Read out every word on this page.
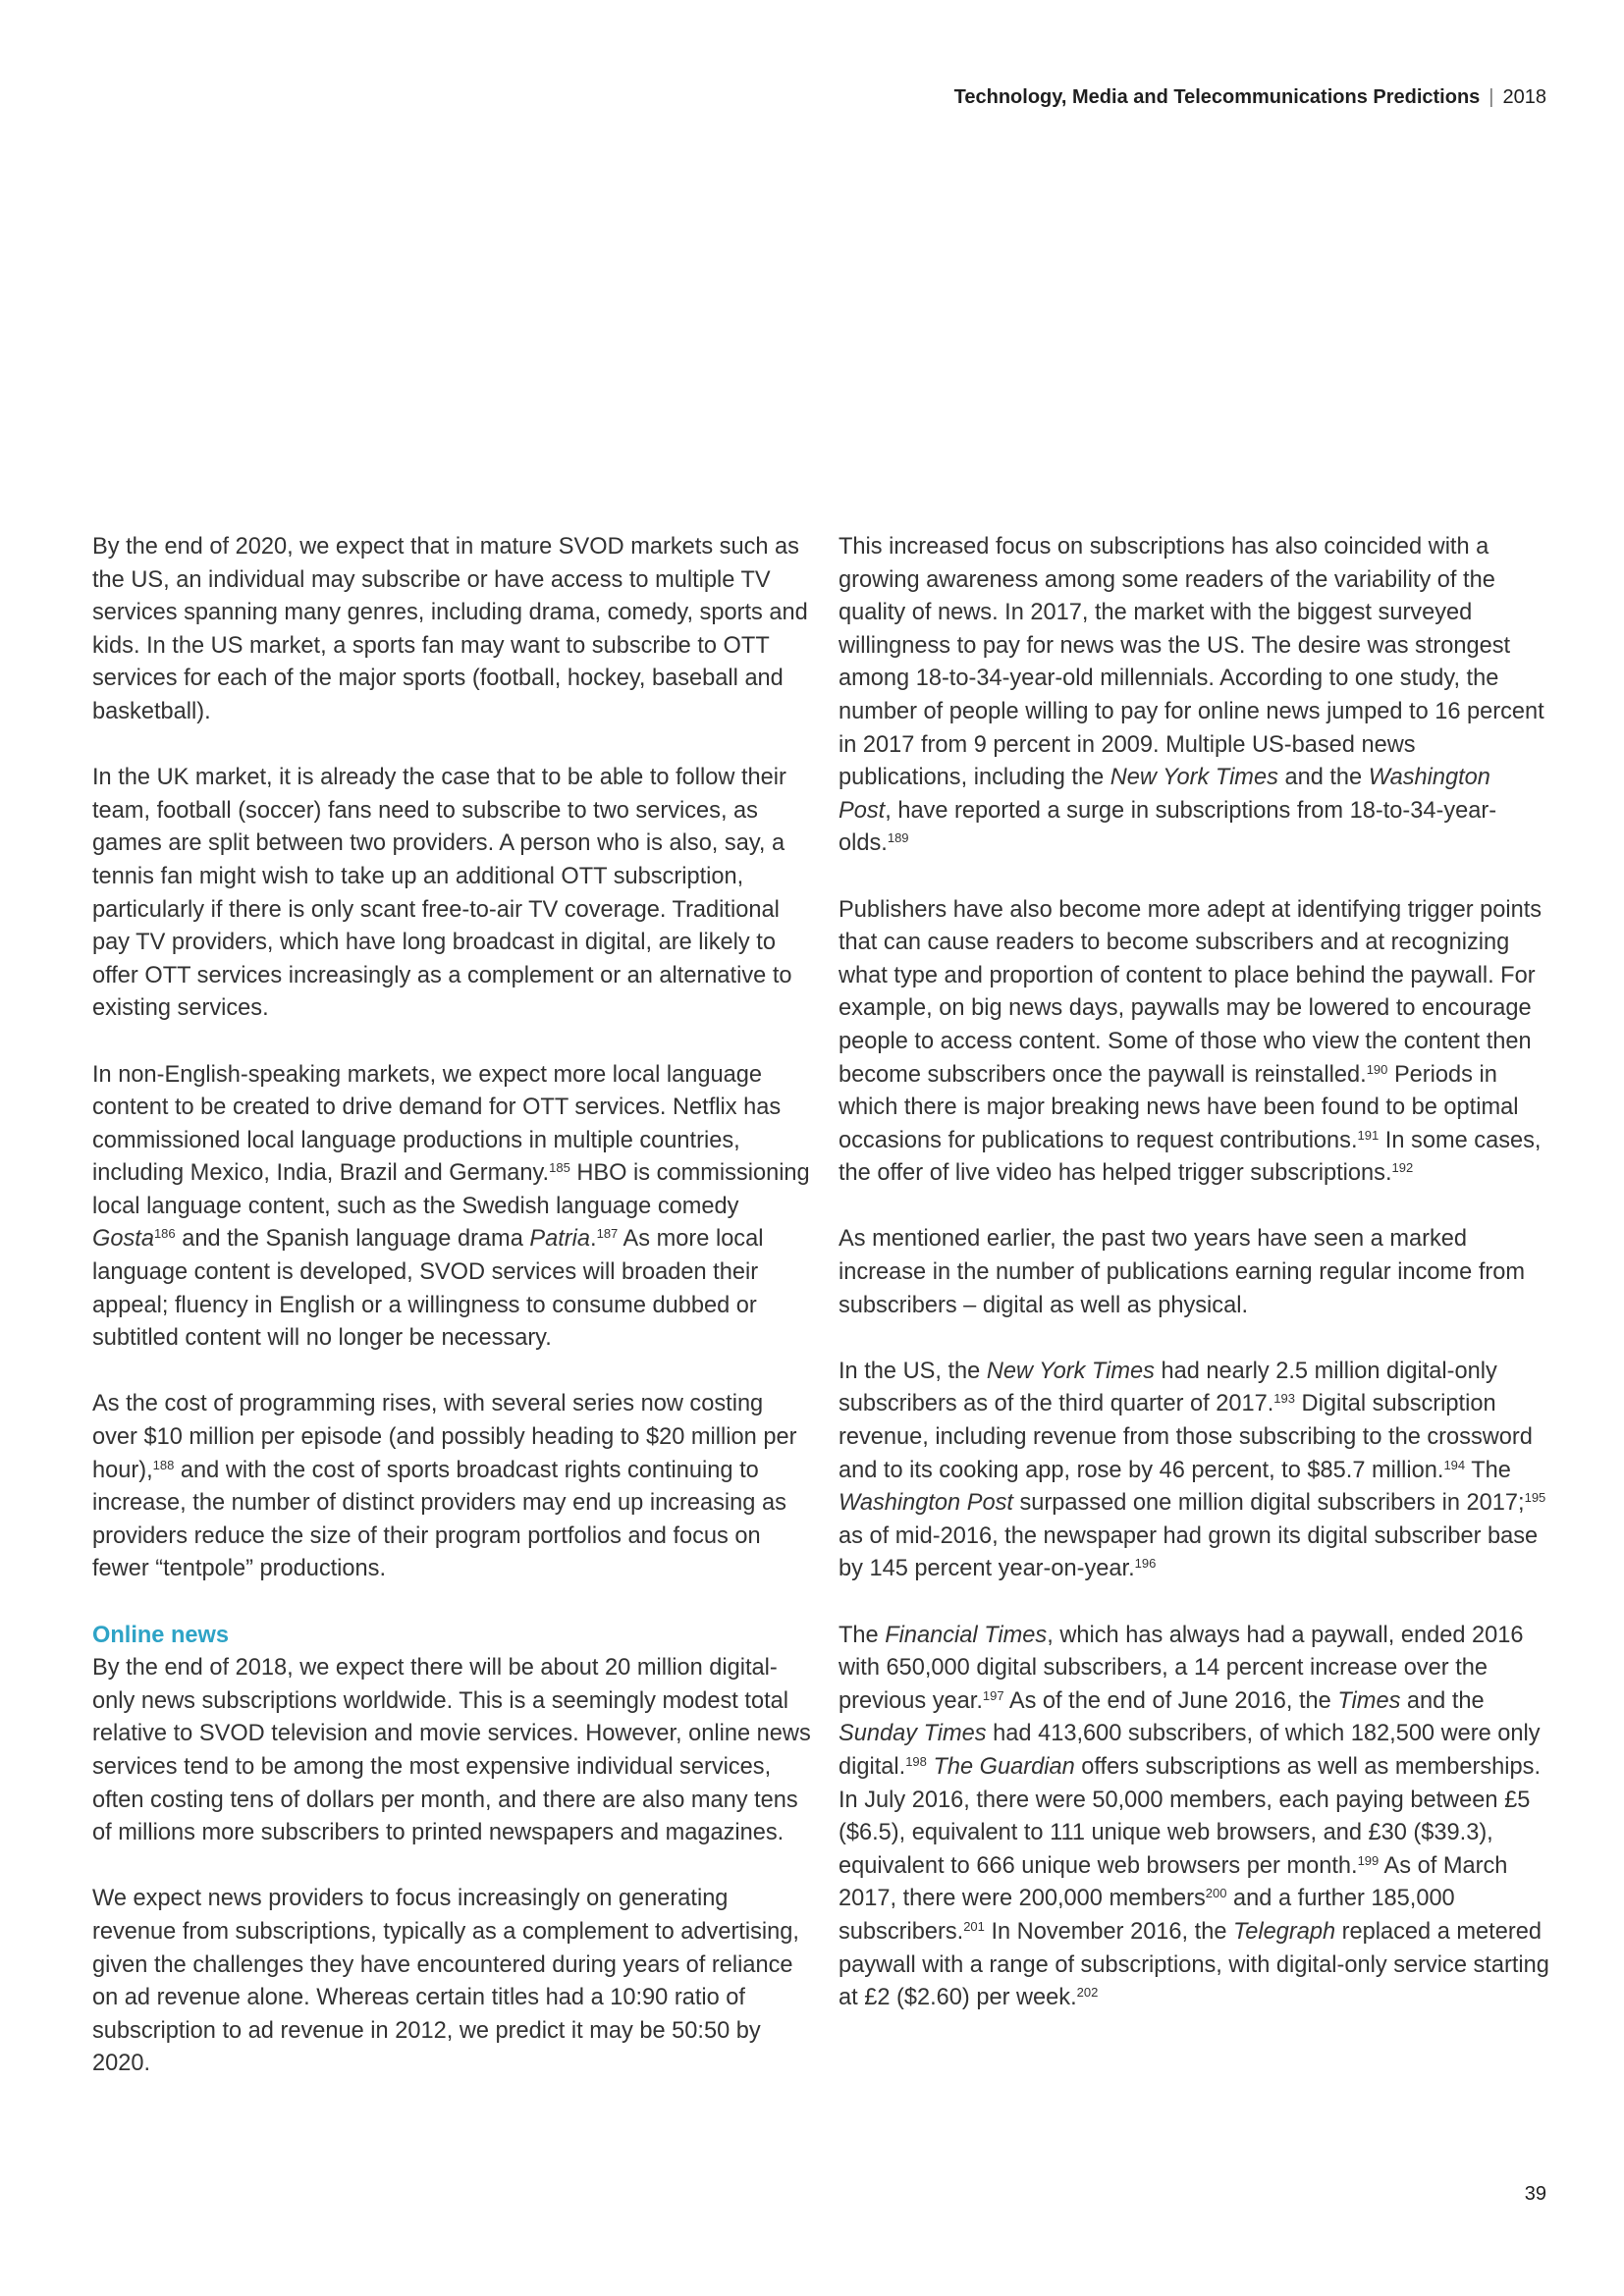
Technology, Media and Telecommunications Predictions | 2018

By the end of 2020, we expect that in mature SVOD markets such as the US, an individual may subscribe or have access to multiple TV services spanning many genres, including drama, comedy, sports and kids. In the US market, a sports fan may want to subscribe to OTT services for each of the major sports (football, hockey, baseball and basketball).

In the UK market, it is already the case that to be able to follow their team, football (soccer) fans need to subscribe to two services, as games are split between two providers. A person who is also, say, a tennis fan might wish to take up an additional OTT subscription, particularly if there is only scant free-to-air TV coverage. Traditional pay TV providers, which have long broadcast in digital, are likely to offer OTT services increasingly as a complement or an alternative to existing services.

In non-English-speaking markets, we expect more local language content to be created to drive demand for OTT services. Netflix has commissioned local language productions in multiple countries, including Mexico, India, Brazil and Germany.$^{185}$ HBO is commissioning local language content, such as the Swedish language comedy Gosta$^{186}$ and the Spanish language drama Patria.$^{187}$ As more local language content is developed, SVOD services will broaden their appeal; fluency in English or a willingness to consume dubbed or subtitled content will no longer be necessary.

As the cost of programming rises, with several series now costing over $10 million per episode (and possibly heading to $20 million per hour),$^{188}$ and with the cost of sports broadcast rights continuing to increase, the number of distinct providers may end up increasing as providers reduce the size of their program portfolios and focus on fewer “tentpole” productions.

Online news

By the end of 2018, we expect there will be about 20 million digital-only news subscriptions worldwide. This is a seemingly modest total relative to SVOD television and movie services. However, online news services tend to be among the most expensive individual services, often costing tens of dollars per month, and there are also many tens of millions more subscribers to printed newspapers and magazines.

We expect news providers to focus increasingly on generating revenue from subscriptions, typically as a complement to advertising, given the challenges they have encountered during years of reliance on ad revenue alone. Whereas certain titles had a 10:90 ratio of subscription to ad revenue in 2012, we predict it may be 50:50 by 2020.

This increased focus on subscriptions has also coincided with a growing awareness among some readers of the variability of the quality of news. In 2017, the market with the biggest surveyed willingness to pay for news was the US. The desire was strongest among 18-to-34-year-old millennials. According to one study, the number of people willing to pay for online news jumped to 16 percent in 2017 from 9 percent in 2009. Multiple US-based news publications, including the New York Times and the Washington Post, have reported a surge in subscriptions from 18-to-34-year-olds.$^{189}$

Publishers have also become more adept at identifying trigger points that can cause readers to become subscribers and at recognizing what type and proportion of content to place behind the paywall. For example, on big news days, paywalls may be lowered to encourage people to access content. Some of those who view the content then become subscribers once the paywall is reinstalled.$^{190}$ Periods in which there is major breaking news have been found to be optimal occasions for publications to request contributions.$^{191}$ In some cases, the offer of live video has helped trigger subscriptions.$^{192}$

As mentioned earlier, the past two years have seen a marked increase in the number of publications earning regular income from subscribers – digital as well as physical.

In the US, the New York Times had nearly 2.5 million digital-only subscribers as of the third quarter of 2017.$^{193}$ Digital subscription revenue, including revenue from those subscribing to the crossword and to its cooking app, rose by 46 percent, to $85.7 million.$^{194}$ The Washington Post surpassed one million digital subscribers in 2017;$^{195}$ as of mid-2016, the newspaper had grown its digital subscriber base by 145 percent year-on-year.$^{196}$

The Financial Times, which has always had a paywall, ended 2016 with 650,000 digital subscribers, a 14 percent increase over the previous year.$^{197}$ As of the end of June 2016, the Times and the Sunday Times had 413,600 subscribers, of which 182,500 were only digital.$^{198}$ The Guardian offers subscriptions as well as memberships. In July 2016, there were 50,000 members, each paying between £5 ($6.5), equivalent to 111 unique web browsers, and £30 ($39.3), equivalent to 666 unique web browsers per month.$^{199}$ As of March 2017, there were 200,000 members$^{200}$ and a further 185,000 subscribers.$^{201}$ In November 2016, the Telegraph replaced a metered paywall with a range of subscriptions, with digital-only service starting at £2 ($2.60) per week.$^{202}$

39
